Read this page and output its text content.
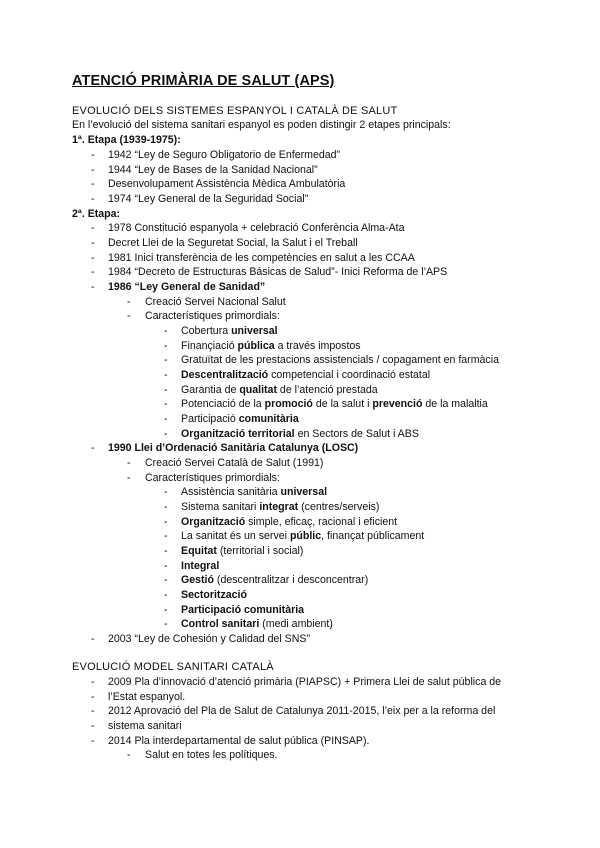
ATENCIÓ PRIMÀRIA DE SALUT (APS)
EVOLUCIÓ DELS SISTEMES ESPANYOL I CATALÀ DE SALUT
En l’evolució del sistema sanitari espanyol es poden distingir 2 etapes principals:
1ª. Etapa (1939-1975):
- 1942 “Ley de Seguro Obligatorio de Enfermedad”
- 1944 “Ley de Bases de la Sanidad Nacional”
- Desenvolupament Assistència Mèdica Ambulatòria
- 1974 “Ley General de la Seguridad Social”
2ª. Etapa:
- 1978 Constitució espanyola + celebració Conferència Alma-Ata
- Decret Llei de la Seguretat Social, la Salut i el Treball
- 1981 Inici transferència de les competències en salut a les CCAA
- 1984 “Decreto de Estructuras Básicas de Salud”- Inici Reforma de l’APS
- 1986 “Ley General de Sanidad”
- Creació Servei Nacional Salut
- Característiques primordials:
- Cobertura universal
- Finançiació pública a través impostos
- Gratuïtat de les prestacions assistencials / copagament en farmàcia
- Descentralització competencial i coordinació estatal
- Garantia de qualitat de l’atenció prestada
- Potenciació de la promoció de la salut i prevenció de la malaltia
- Participació comunitària
- Organització territorial en Sectors de Salut i ABS
- 1990 Llei d’Ordenació Sanitària Catalunya (LOSC)
- Creació Servei Català de Salut (1991)
- Característiques primordials:
- Assistència sanitària universal
- Sistema sanitari integrat (centres/serveis)
- Organització simple, eficaç, racional i eficient
- La sanitat és un servei públic, finançat públicament
- Equitat (territorial i social)
- Integral
- Gestió (descentralitzar i desconcentrar)
- Sectorització
- Participació comunitària
- Control sanitari (medi ambient)
- 2003 “Ley de Cohesión y Calidad del SNS”
EVOLUCIÓ MODEL SANITARI CATALÀ
- 2009 Pla d’innovació d’atenció primària (PIAPSC) + Primera Llei de salut pública de
- l’Estat espanyol.
- 2012 Aprovació del Pla de Salut de Catalunya 2011-2015, l’eix per a la reforma del
- sistema sanitari
- 2014 Pla interdepartamental de salut pública (PINSAP).
- Salut en totes les polítiques.
